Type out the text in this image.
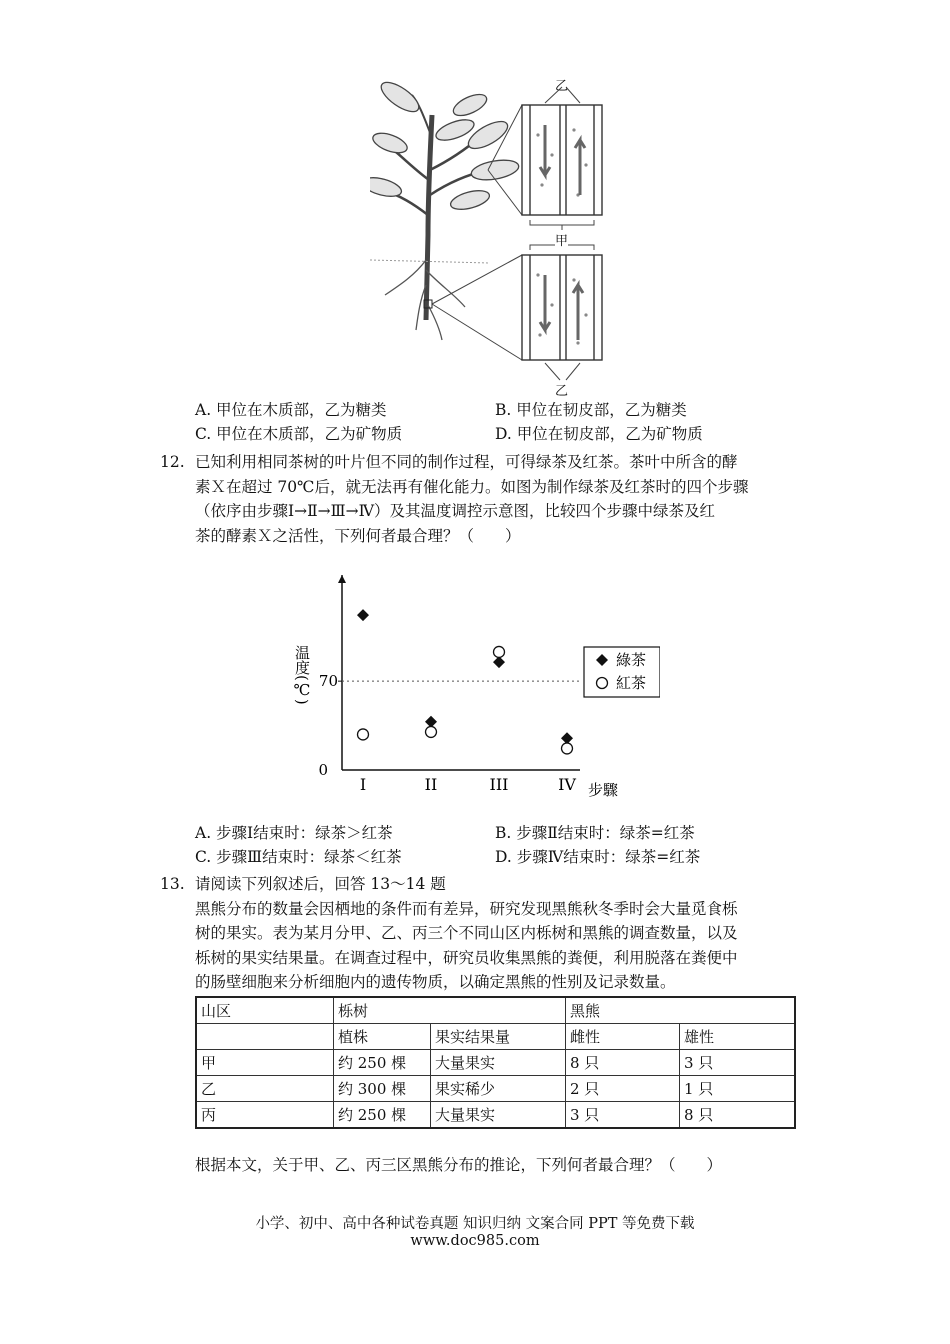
乙
甲
乙
A. 甲位在木质部，乙为糖类	B. 甲位在韧皮部，乙为糖类
C. 甲位在木质部，乙为矿物质	D. 甲位在韧皮部，乙为矿物质
12. 已知利用相同茶树的叶片但不同的制作过程，可得绿茶及红茶。茶叶中所含的酵
素Ｘ在超过 70℃后，就无法再有催化能力。如图为制作绿茶及红茶时的四个步骤
（依序由步骤Ⅰ→Ⅱ→Ⅲ→Ⅳ）及其温度调控示意图，比较四个步骤中绿茶及红
茶的酵素Ｘ之活性，下列何者最合理？（　　）
0
70
温度(℃)
I	II	III	IV 步驟
綠茶
紅茶
A. 步骤Ⅰ结束时：绿茶＞红茶	B. 步骤Ⅱ结束时：绿茶=红茶
C. 步骤Ⅲ结束时：绿茶＜红茶	D. 步骤Ⅳ结束时：绿茶=红茶
13. 请阅读下列叙述后，回答 13～14 题
黑熊分布的数量会因栖地的条件而有差异，研究发现黑熊秋冬季时会大量觅食栎
树的果实。表为某月分甲、乙、丙三个不同山区内栎树和黑熊的调查数量，以及
栎树的果实结果量。在调查过程中，研究员收集黑熊的粪便，利用脱落在粪便中
的肠壁细胞来分析细胞内的遗传物质，以确定黑熊的性别及记录数量。
山区	栎树		黑熊	
	植株	果实结果量	雌性	雄性
甲	约 250 棵	大量果实	8 只	3 只
乙	约 300 棵	果实稀少	2 只	1 只
丙	约 250 棵	大量果实	3 只	8 只
根据本文，关于甲、乙、丙三区黑熊分布的推论，下列何者最合理？（　　）
小学、初中、高中各种试卷真题 知识归纳 文案合同 PPT 等免费下载
www.doc985.com
